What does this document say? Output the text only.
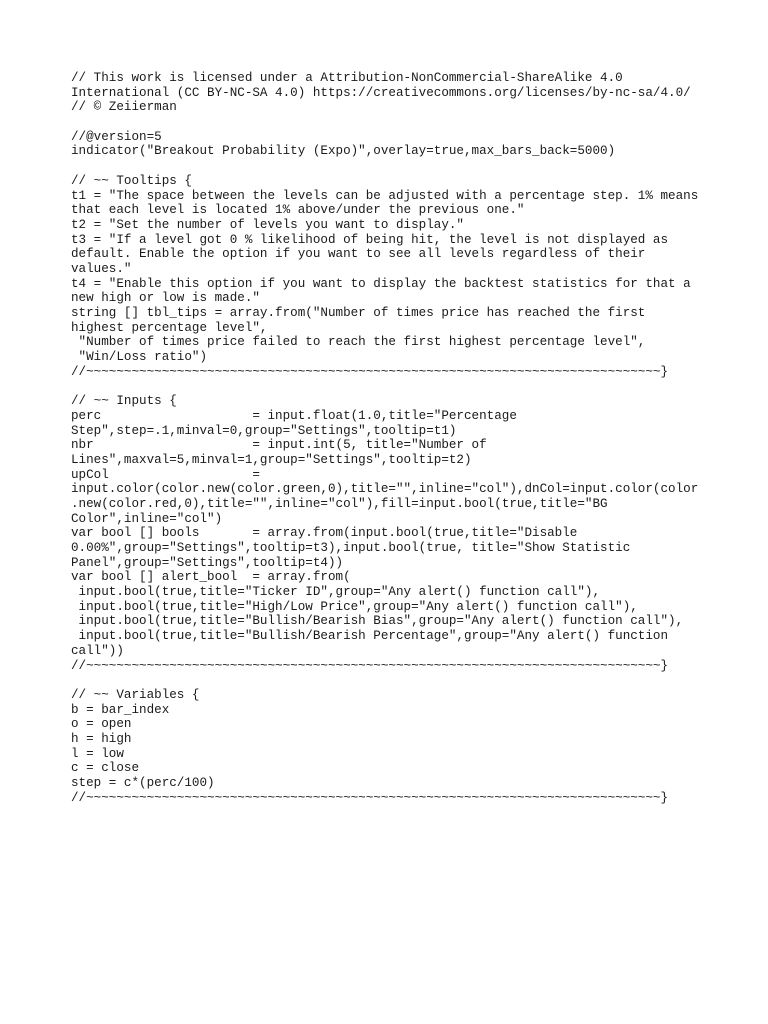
// This work is licensed under a Attribution-NonCommercial-ShareAlike 4.0
International (CC BY-NC-SA 4.0) https://creativecommons.org/licenses/by-nc-sa/4.0/
// © Zeiierman
//@version=5
indicator("Breakout Probability (Expo)",overlay=true,max_bars_back=5000)
// ~~ Tooltips {
t1 = "The space between the levels can be adjusted with a percentage step. 1% means
that each level is located 1% above/under the previous one."
t2 = "Set the number of levels you want to display."
t3 = "If a level got 0 % likelihood of being hit, the level is not displayed as
default. Enable the option if you want to see all levels regardless of their
values."
t4 = "Enable this option if you want to display the backtest statistics for that a
new high or low is made."
string [] tbl_tips = array.from("Number of times price has reached the first
highest percentage level",
"Number of times price failed to reach the first highest percentage level",
"Win/Loss ratio")
//~~~~~~~~~~~~~~~~~~~~~~~~~~~~~~~~~~~~~~~~~~~~~~~~~~~~~~~~~~~~~~~~~~~~~~~~~~~~}
// ~~ Inputs {
perc                    = input.float(1.0,title="Percentage
Step",step=.1,minval=0,group="Settings",tooltip=t1)
nbr                     = input.int(5, title="Number of
Lines",maxval=5,minval=1,group="Settings",tooltip=t2)
upCol                   =
input.color(color.new(color.green,0),title="",inline="col"),dnCol=input.color(color
.new(color.red,0),title="",inline="col"),fill=input.bool(true,title="BG
Color",inline="col")
var bool [] bools       = array.from(input.bool(true,title="Disable
0.00%",group="Settings",tooltip=t3),input.bool(true, title="Show Statistic
Panel",group="Settings",tooltip=t4))
var bool [] alert_bool  = array.from(
input.bool(true,title="Ticker ID",group="Any alert() function call"),
input.bool(true,title="High/Low Price",group="Any alert() function call"),
input.bool(true,title="Bullish/Bearish Bias",group="Any alert() function call"),
input.bool(true,title="Bullish/Bearish Percentage",group="Any alert() function
call"))
//~~~~~~~~~~~~~~~~~~~~~~~~~~~~~~~~~~~~~~~~~~~~~~~~~~~~~~~~~~~~~~~~~~~~~~~~~~~~}
// ~~ Variables {
b = bar_index
o = open
h = high
l = low
c = close
step = c*(perc/100)
//~~~~~~~~~~~~~~~~~~~~~~~~~~~~~~~~~~~~~~~~~~~~~~~~~~~~~~~~~~~~~~~~~~~~~~~~~~~~}
